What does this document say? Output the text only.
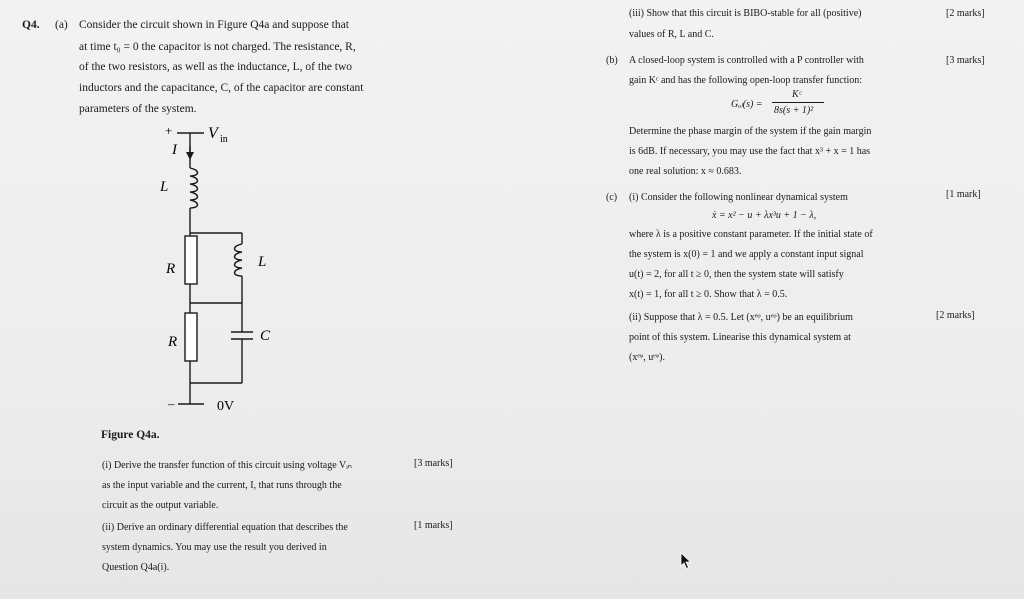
Q4. (a) Consider the circuit shown in Figure Q4a and suppose that
at time t₀ = 0 the capacitor is not charged. The resistance, R,
of the two resistors, as well as the inductance, L, of the two
inductors and the capacitance, C, of the capacitor are constant
parameters of the system.
+ V in
I
L
R	L
R	C
–	0V
Figure Q4a.
(i) Derive the transfer function of this circuit using voltage Vᵢₙ
as the input variable and the current, I, that runs through the
circuit as the output variable.
[3 marks]
(ii) Derive an ordinary differential equation that describes the
system dynamics. You may use the result you derived in
Question Q4a(i).
[1 marks]
(iii) Show that this circuit is BIBO-stable for all (positive)
values of R, L and C.
[2 marks]
(b) A closed-loop system is controlled with a P controller with
gain Kᶜ and has the following open-loop transfer function:
[3 marks]
Gₒₗ(s) =
Kᶜ
8s(s + 1)²
Determine the phase margin of the system if the gain margin
is 6dB. If necessary, you may use the fact that x³ + x = 1 has
one real solution: x ≈ 0.683.
(c) (i) Consider the following nonlinear dynamical system	[1 mark]
ẋ = x² − u + λx³u + 1 − λ,
where λ is a positive constant parameter. If the initial state of
the system is x(0) = 1 and we apply a constant input signal
u(t) = 2, for all t ≥ 0, then the system state will satisfy
x(t) = 1, for all t ≥ 0. Show that λ = 0.5.
(ii) Suppose that λ = 0.5. Let (xᵉᵠ, uᵉᵠ) be an equilibrium
point of this system. Linearise this dynamical system at
(xᵉᵠ, uᵉᵠ).
[2 marks]
